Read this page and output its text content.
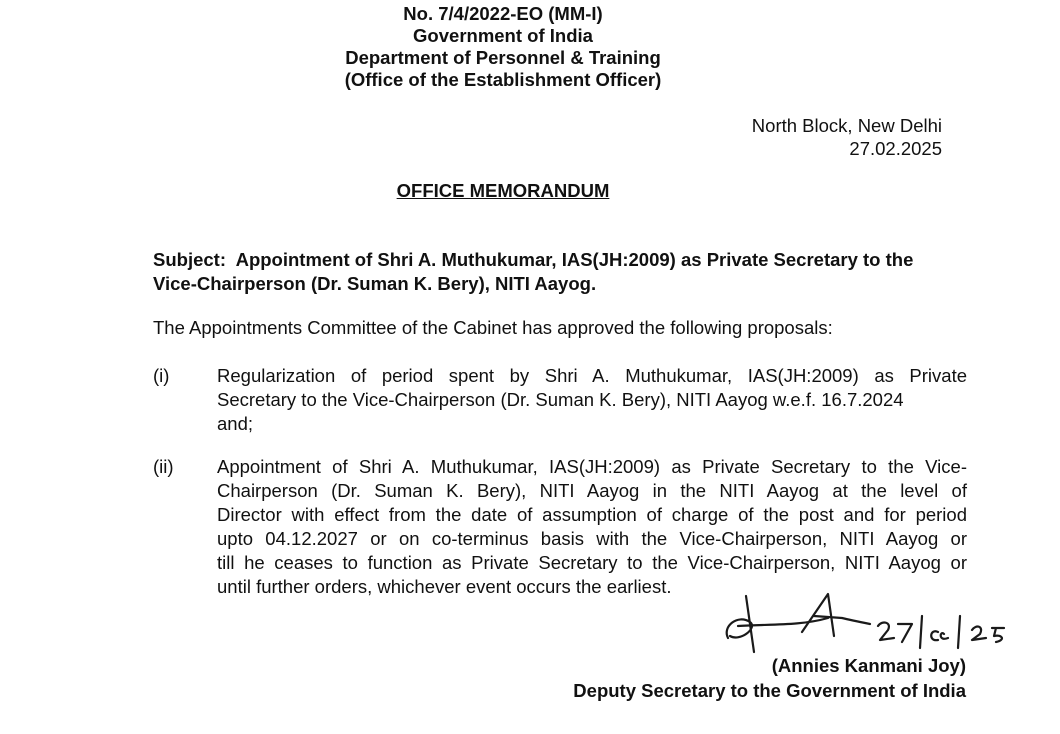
No. 7/4/2022-EO (MM-I)
Government of India
Department of Personnel & Training
(Office of the Establishment Officer)
North Block, New Delhi
27.02.2025
OFFICE MEMORANDUM
Subject: Appointment of Shri A. Muthukumar, IAS(JH:2009) as Private Secretary to the
Vice-Chairperson (Dr. Suman K. Bery), NITI Aayog.
The Appointments Committee of the Cabinet has approved the following proposals:
(i)	Regularization of period spent by Shri A. Muthukumar, IAS(JH:2009) as Private
Secretary to the Vice-Chairperson (Dr. Suman K. Bery), NITI Aayog w.e.f. 16.7.2024
and;
(ii) Appointment of Shri A. Muthukumar, IAS(JH:2009) as Private Secretary to the Vice-
Chairperson (Dr. Suman K. Bery), NITI Aayog in the NITI Aayog at the level of
Director with effect from the date of assumption of charge of the post and for period
upto 04.12.2027 or on co-terminus basis with the Vice-Chairperson, NITI Aayog or
till he ceases to function as Private Secretary to the Vice-Chairperson, NITI Aayog or
until further orders, whichever event occurs the earliest.
27/02/25
(Annies Kanmani Joy)
Deputy Secretary to the Government of India
